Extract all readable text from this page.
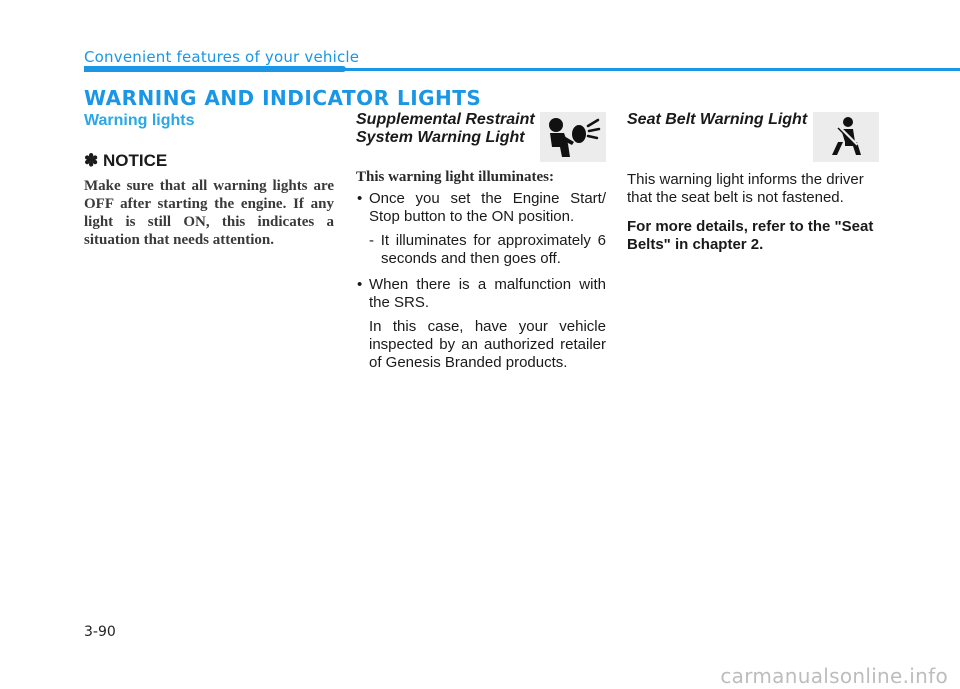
Convenient features of your vehicle
WARNING AND INDICATOR LIGHTS
Warning lights
✽ NOTICE
Make sure that all warning lights are OFF after starting the engine. If any light is still ON, this indicates a situation that needs attention.
Supplemental Restraint System Warning Light
This warning light illuminates:
• Once you set the Engine Start/ Stop button to the ON position.
- It illuminates for approximately 6 seconds and then goes off.
• When there is a malfunction with the SRS.
In this case, have your vehicle inspected by an authorized retailer of Genesis Branded products.
Seat Belt Warning Light
This warning light informs the driver that the seat belt is not fastened.
For more details, refer to the "Seat Belts" in chapter 2.
3-90
carmanualsonline.info
